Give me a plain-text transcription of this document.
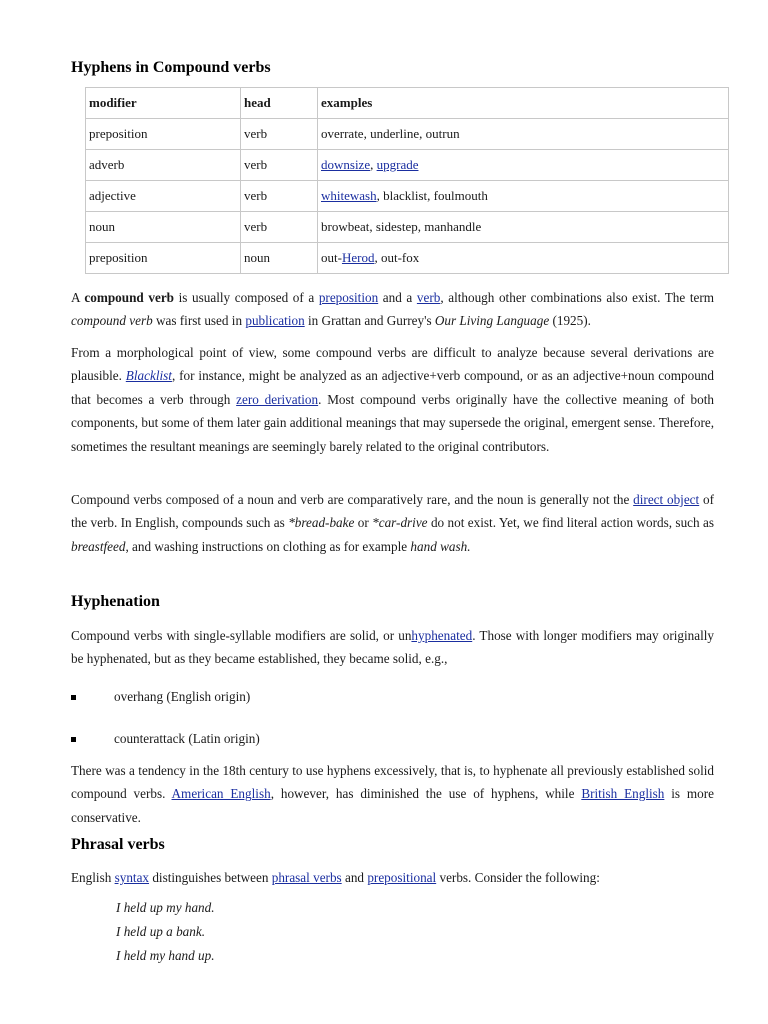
Hyphens in Compound verbs
modifier	head	examples
preposition	verb	overrate, underline, outrun
adverb	verb	downsize, upgrade
adjective	verb	whitewash, blacklist, foulmouth
noun	verb	browbeat, sidestep, manhandle
preposition	noun	out-Herod, out-fox

A compound verb is usually composed of a preposition and a verb, although other combinations also exist. The term compound verb was first used in publication in Grattan and Gurrey's Our Living Language (1925).

From a morphological point of view, some compound verbs are difficult to analyze because several derivations are plausible. Blacklist, for instance, might be analyzed as an adjective+verb compound, or as an adjective+noun compound that becomes a verb through zero derivation. Most compound verbs originally have the collective meaning of both components, but some of them later gain additional meanings that may supersede the original, emergent sense. Therefore, sometimes the resultant meanings are seemingly barely related to the original contributors.

Compound verbs composed of a noun and verb are comparatively rare, and the noun is generally not the direct object of the verb. In English, compounds such as *bread-bake or *car-drive do not exist. Yet, we find literal action words, such as breastfeed, and washing instructions on clothing as for example hand wash.

Hyphenation

Compound verbs with single-syllable modifiers are solid, or unhyphenated. Those with longer modifiers may originally be hyphenated, but as they became established, they became solid, e.g.,

overhang (English origin)
counterattack (Latin origin)

There was a tendency in the 18th century to use hyphens excessively, that is, to hyphenate all previously established solid compound verbs. American English, however, has diminished the use of hyphens, while British English is more conservative.

Phrasal verbs

English syntax distinguishes between phrasal verbs and prepositional verbs. Consider the following:

I held up my hand.

I held up a bank.

I held my hand up.
